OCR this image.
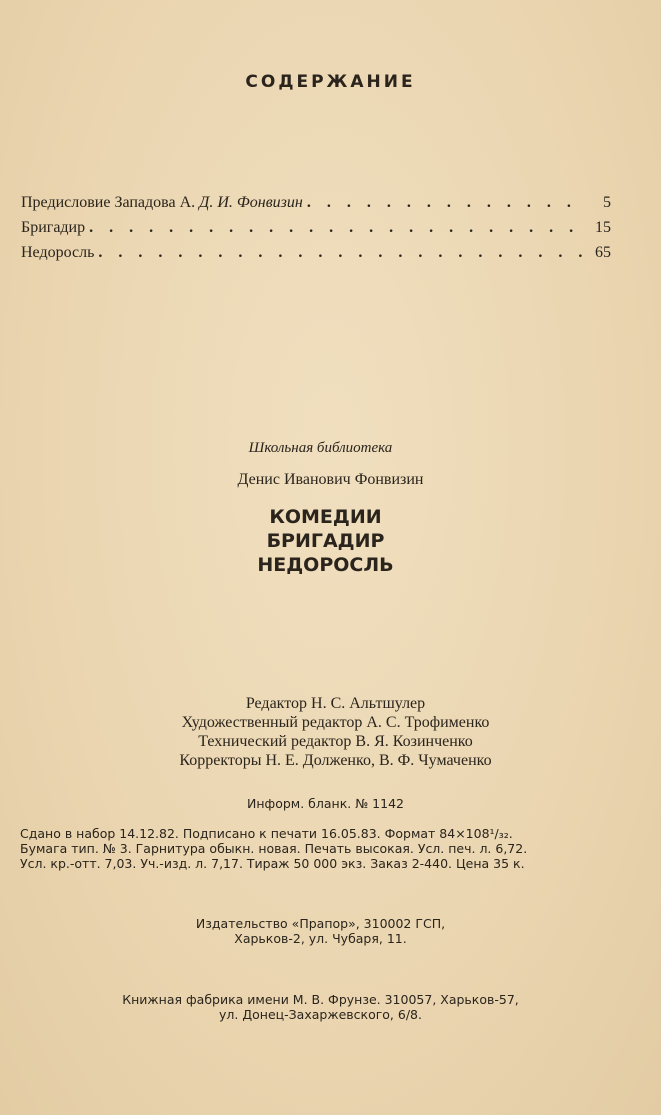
СОДЕРЖАНИЕ
Предисловие Западова А. Д. И. Фонвизин . . .	5
Бригадир . . .	15
Недоросль . . .	65
Школьная библиотека
Денис Иванович Фонвизин
КОМЕДИИ
БРИГАДИР
НЕДОРОСЛЬ
Редактор Н. С. Альтшулер
Художественный редактор А. С. Трофименко
Технический редактор В. Я. Козинченко
Корректоры Н. Е. Долженко, В. Ф. Чумаченко
Информ. бланк. № 1142
Сдано в набор 14.12.82. Подписано к печати 16.05.83. Формат 84×108¹/₃₂.
Бумага тип. № 3. Гарнитура обыкн. новая. Печать высокая. Усл. печ. л. 6,72.
Усл. кр.-отт. 7,03. Уч.-изд. л. 7,17. Тираж 50 000 экз. Заказ 2-440. Цена 35 к.
Издательство «Прапор», 310002 ГСП,
Харьков-2, ул. Чубаря, 11.
Книжная фабрика имени М. В. Фрунзе. 310057, Харьков-57,
ул. Донец-Захаржевского, 6/8.
